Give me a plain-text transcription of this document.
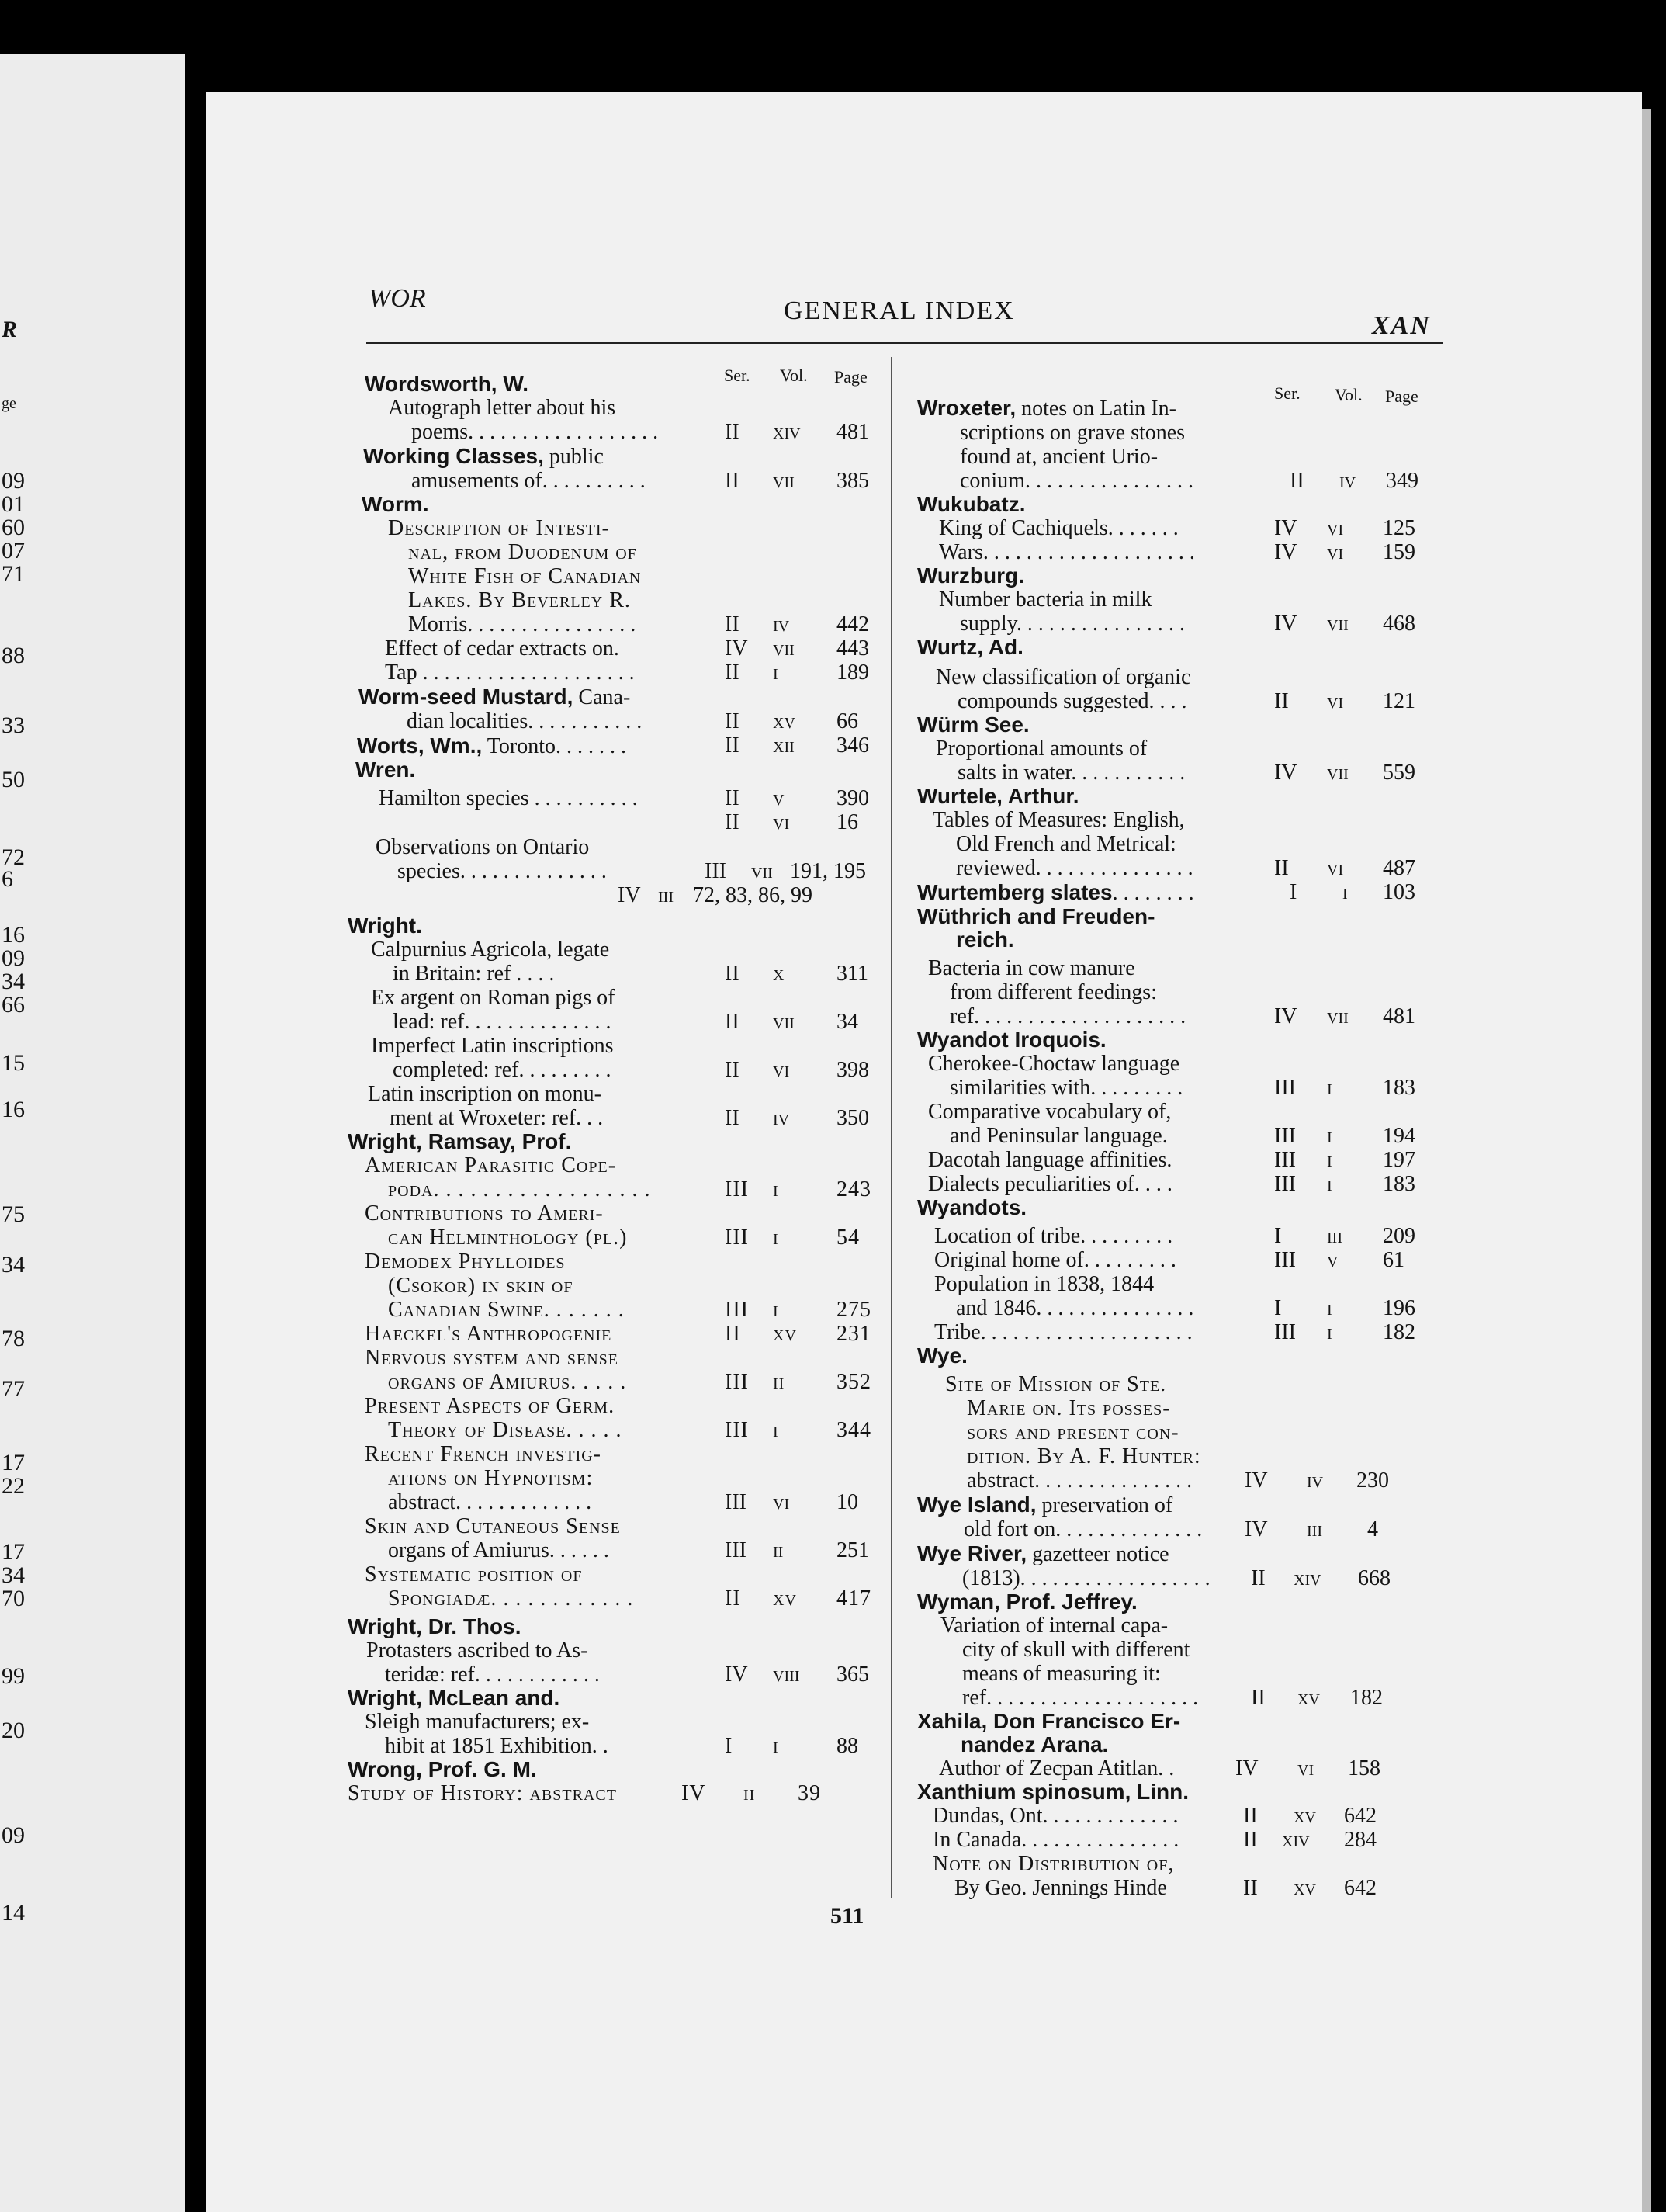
R
ge
09
01
60
07
71
88
33
50
72
6
16
09
34
66
15
16
75
34
78
77
17
22
17
34
70
99
20
09
14
WOR	GENERAL INDEX
XAN
Ser. Vol. Page
Ser. Vol. Page
Wordsworth, W.
Autograph letter about his
poems. . . . . . . . . . . . . . . . . .	II xiv 481
Working Classes, public
amusements of. . . . . . . . . .	II vii 385
Worm.
Description of Intesti-
nal, from Duodenum of
White Fish of Canadian
Lakes. By Beverley R.
Morris. . . . . . . . . . . . . . . .	II iv 442
Effect of cedar extracts on.	IV vii 443
Tap . . . . . . . . . . . . . . . . . . . .	II i	189
Worm-seed Mustard, Cana-
dian localities. . . . . . . . . . .	II xv 66
Worts, Wm., Toronto. . . . . . .	II xii 346
Wren.
Hamilton species . . . . . . . . . .	II v 390
II vi 16
Observations on Ontario
species. . . . . . . . . . . . . .	III vii 191, 195
IV iii 72, 83, 86, 99
Wright.
Calpurnius Agricola, legate
in Britain: ref . . . .	II x 311
Ex argent on Roman pigs of
lead: ref. . . . . . . . . . . . . .	II vii 34
Imperfect Latin inscriptions
completed: ref. . . . . . . . .	II vi 398
Latin inscription on monu-
ment at Wroxeter: ref. . .	II iv 350
Wright, Ramsay, Prof.
American Parasitic Cope-
poda. . . . . . . . . . . . . . . . . .	III i	243
Contributions to Ameri-
can Helminthology (pl.)	III i	54
Demodex Phylloides
(Csokor) in skin of
Canadian Swine. . . . . . .	III i	275
Haeckel's Anthropogenie	II xv 231
Nervous system and sense
organs of Amiurus. . . . .	III ii 352
Present Aspects of Germ.
Theory of Disease. . . . .	III i	344
Recent French investig-
ations on Hypnotism:
abstract. . . . . . . . . . . . .	III vi 10
Skin and Cutaneous Sense
organs of Amiurus. . . . . .	III ii 251
Systematic position of
Spongiadæ. . . . . . . . . . . .	II xv 417
Wright, Dr. Thos.
Protasters ascribed to As-
teridæ: ref. . . . . . . . . . . .	IV viii 365
Wright, McLean and.
Sleigh manufacturers; ex-
hibit at 1851 Exhibition. .	I i	88
Wrong, Prof. G. M.
Study of History: abstract	IV ii 39
Wroxeter, notes on Latin In-
scriptions on grave stones
found at, ancient Urio-
conium. . . . . . . . . . . . . . . .	II iv 349
Wukubatz.
King of Cachiquels. . . . . . .	IV vi 125
Wars. . . . . . . . . . . . . . . . . . . .	IV vi 159
Wurzburg.
Number bacteria in milk
supply. . . . . . . . . . . . . . . .	IV vii 468
Wurtz, Ad.
New classification of organic
compounds suggested. . . .	II vi 121
Würm See.
Proportional amounts of
salts in water. . . . . . . . . . .	IV vii 559
Wurtele, Arthur.
Tables of Measures: English,
Old French and Metrical:
reviewed. . . . . . . . . . . . . . .	II vi 487
Wurtemberg slates. . . . . . . .	I i 103
Wüthrich and Freuden-
reich.
Bacteria in cow manure
from different feedings:
ref. . . . . . . . . . . . . . . . . . . .	IV vii 481
Wyandot Iroquois.
Cherokee-Choctaw language
similarities with. . . . . . . . .	III i 183
Comparative vocabulary of,
and Peninsular language.	III i 194
Dacotah language affinities.	III i 197
Dialects peculiarities of. . . .	III i 183
Wyandots.
Location of tribe. . . . . . . . .	I iii 209
Original home of. . . . . . . . .	III v 61
Population in 1838, 1844
and 1846. . . . . . . . . . . . . . .	I i 196
Tribe. . . . . . . . . . . . . . . . . . . .	III i 182
Wye.
Site of Mission of Ste.
Marie on. Its posses-
sors and present con-
dition. By A. F. Hunter:
abstract. . . . . . . . . . . . . . . IV iv 230
Wye Island, preservation of
old fort on. . . . . . . . . . . . . . IV iii 4
Wye River, gazetteer notice
(1813). . . . . . . . . . . . . . . . . . II xiv 668
Wyman, Prof. Jeffrey.
Variation of internal capa-
city of skull with different
means of measuring it:
ref. . . . . . . . . . . . . . . . . . . . II xv 182
Xahila, Don Francisco Er-
nandez Arana.
Author of Zecpan Atitlan. .	IV vi 158
Xanthium spinosum, Linn.
Dundas, Ont. . . . . . . . . . . . .	II xv 642
In Canada. . . . . . . . . . . . . . .	II xiv 284
Note on Distribution of,
By Geo. Jennings Hinde	II xv 642
511
